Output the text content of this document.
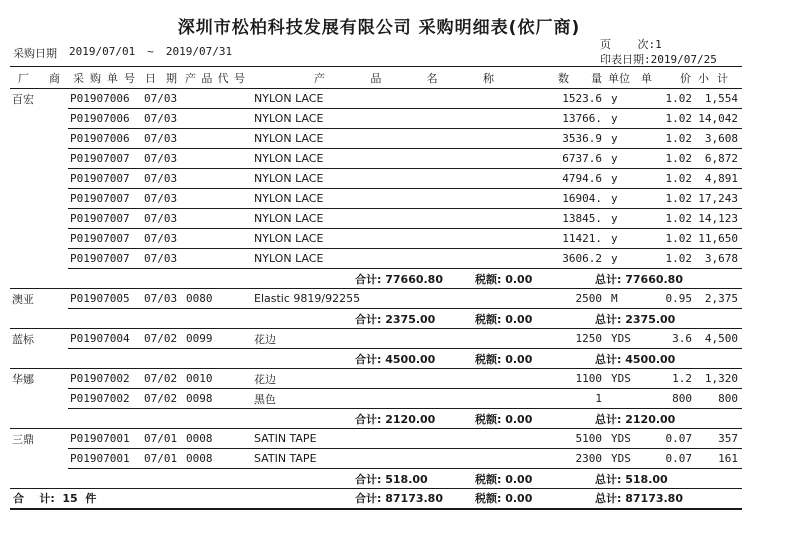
深圳市松柏科技发展有限公司 采购明细表(依厂商)
页    次:1
采购日期 2019/07/01 ~ 2019/07/31
印表日期:2019/07/25
厂 商	采购单号	日期	产 品 代 号	产 品 名 称	数 量	单位	单 价	小 计
百宏	P01907006	07/03		NYLON LACE	1523.6	y	1.02	1,554
	P01907006	07/03		NYLON LACE	13766.	y	1.02	14,042
	P01907006	07/03		NYLON LACE	3536.9	y	1.02	3,608
	P01907007	07/03		NYLON LACE	6737.6	y	1.02	6,872
	P01907007	07/03		NYLON LACE	4794.6	y	1.02	4,891
	P01907007	07/03		NYLON LACE	16904.	y	1.02	17,243
	P01907007	07/03		NYLON LACE	13845.	y	1.02	14,123
	P01907007	07/03		NYLON LACE	11421.	y	1.02	11,650
	P01907007	07/03		NYLON LACE	3606.2	y	1.02	3,678

合计: 77660.80 税额: 0.00 总计: 77660.80								

澳亚	P01907005	07/03	0080	Elastic 9819/92255	2500	M	0.95	2,375

合计: 2375.00 税额: 0.00 总计: 2375.00								

蓝标	P01907004	07/02	0099	花边	1250	YDS	3.6	4,500

合计: 4500.00 税额: 0.00 总计: 4500.00								

华娜	P01907002	07/02	0010	花边	1100	YDS	1.2	1,320
	P01907002	07/02	0098	黑色	1		800	800

合计: 2120.00 税额: 0.00 总计: 2120.00								

三鼎	P01907001	07/01	0008	SATIN TAPE	5100	YDS	0.07	357
	P01907001	07/01	0008	SATIN TAPE	2300	YDS	0.07	161

合计: 518.00 税额: 0.00 总计: 518.00								

合    计:  15  件 合计: 87173.80 税额: 0.00 总计: 87173.80								
